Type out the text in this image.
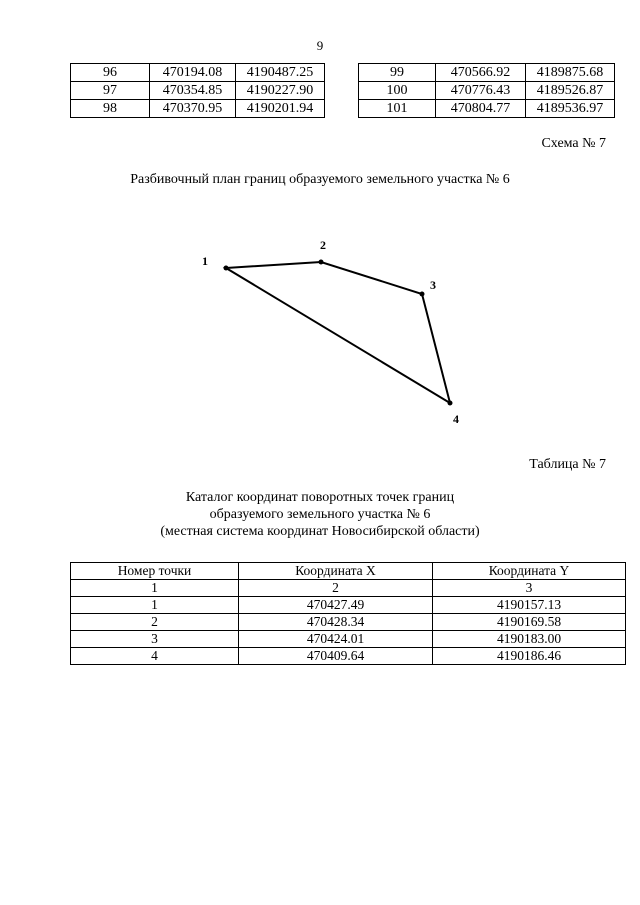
9
96	470194.08	4190487.25
97	470354.85	4190227.90
98	470370.95	4190201.94
99	470566.92	4189875.68
100	470776.43	4189526.87
101	470804.77	4189536.97
Схема № 7
Разбивочный план границ образуемого земельного участка № 6
1
2
3
4
Таблица № 7
Каталог координат поворотных точек границ
образуемого земельного участка № 6
(местная система координат Новосибирской области)
Номер точки	Координата X	Координата Y
1	2	3
1	470427.49	4190157.13
2	470428.34	4190169.58
3	470424.01	4190183.00
4	470409.64	4190186.46
